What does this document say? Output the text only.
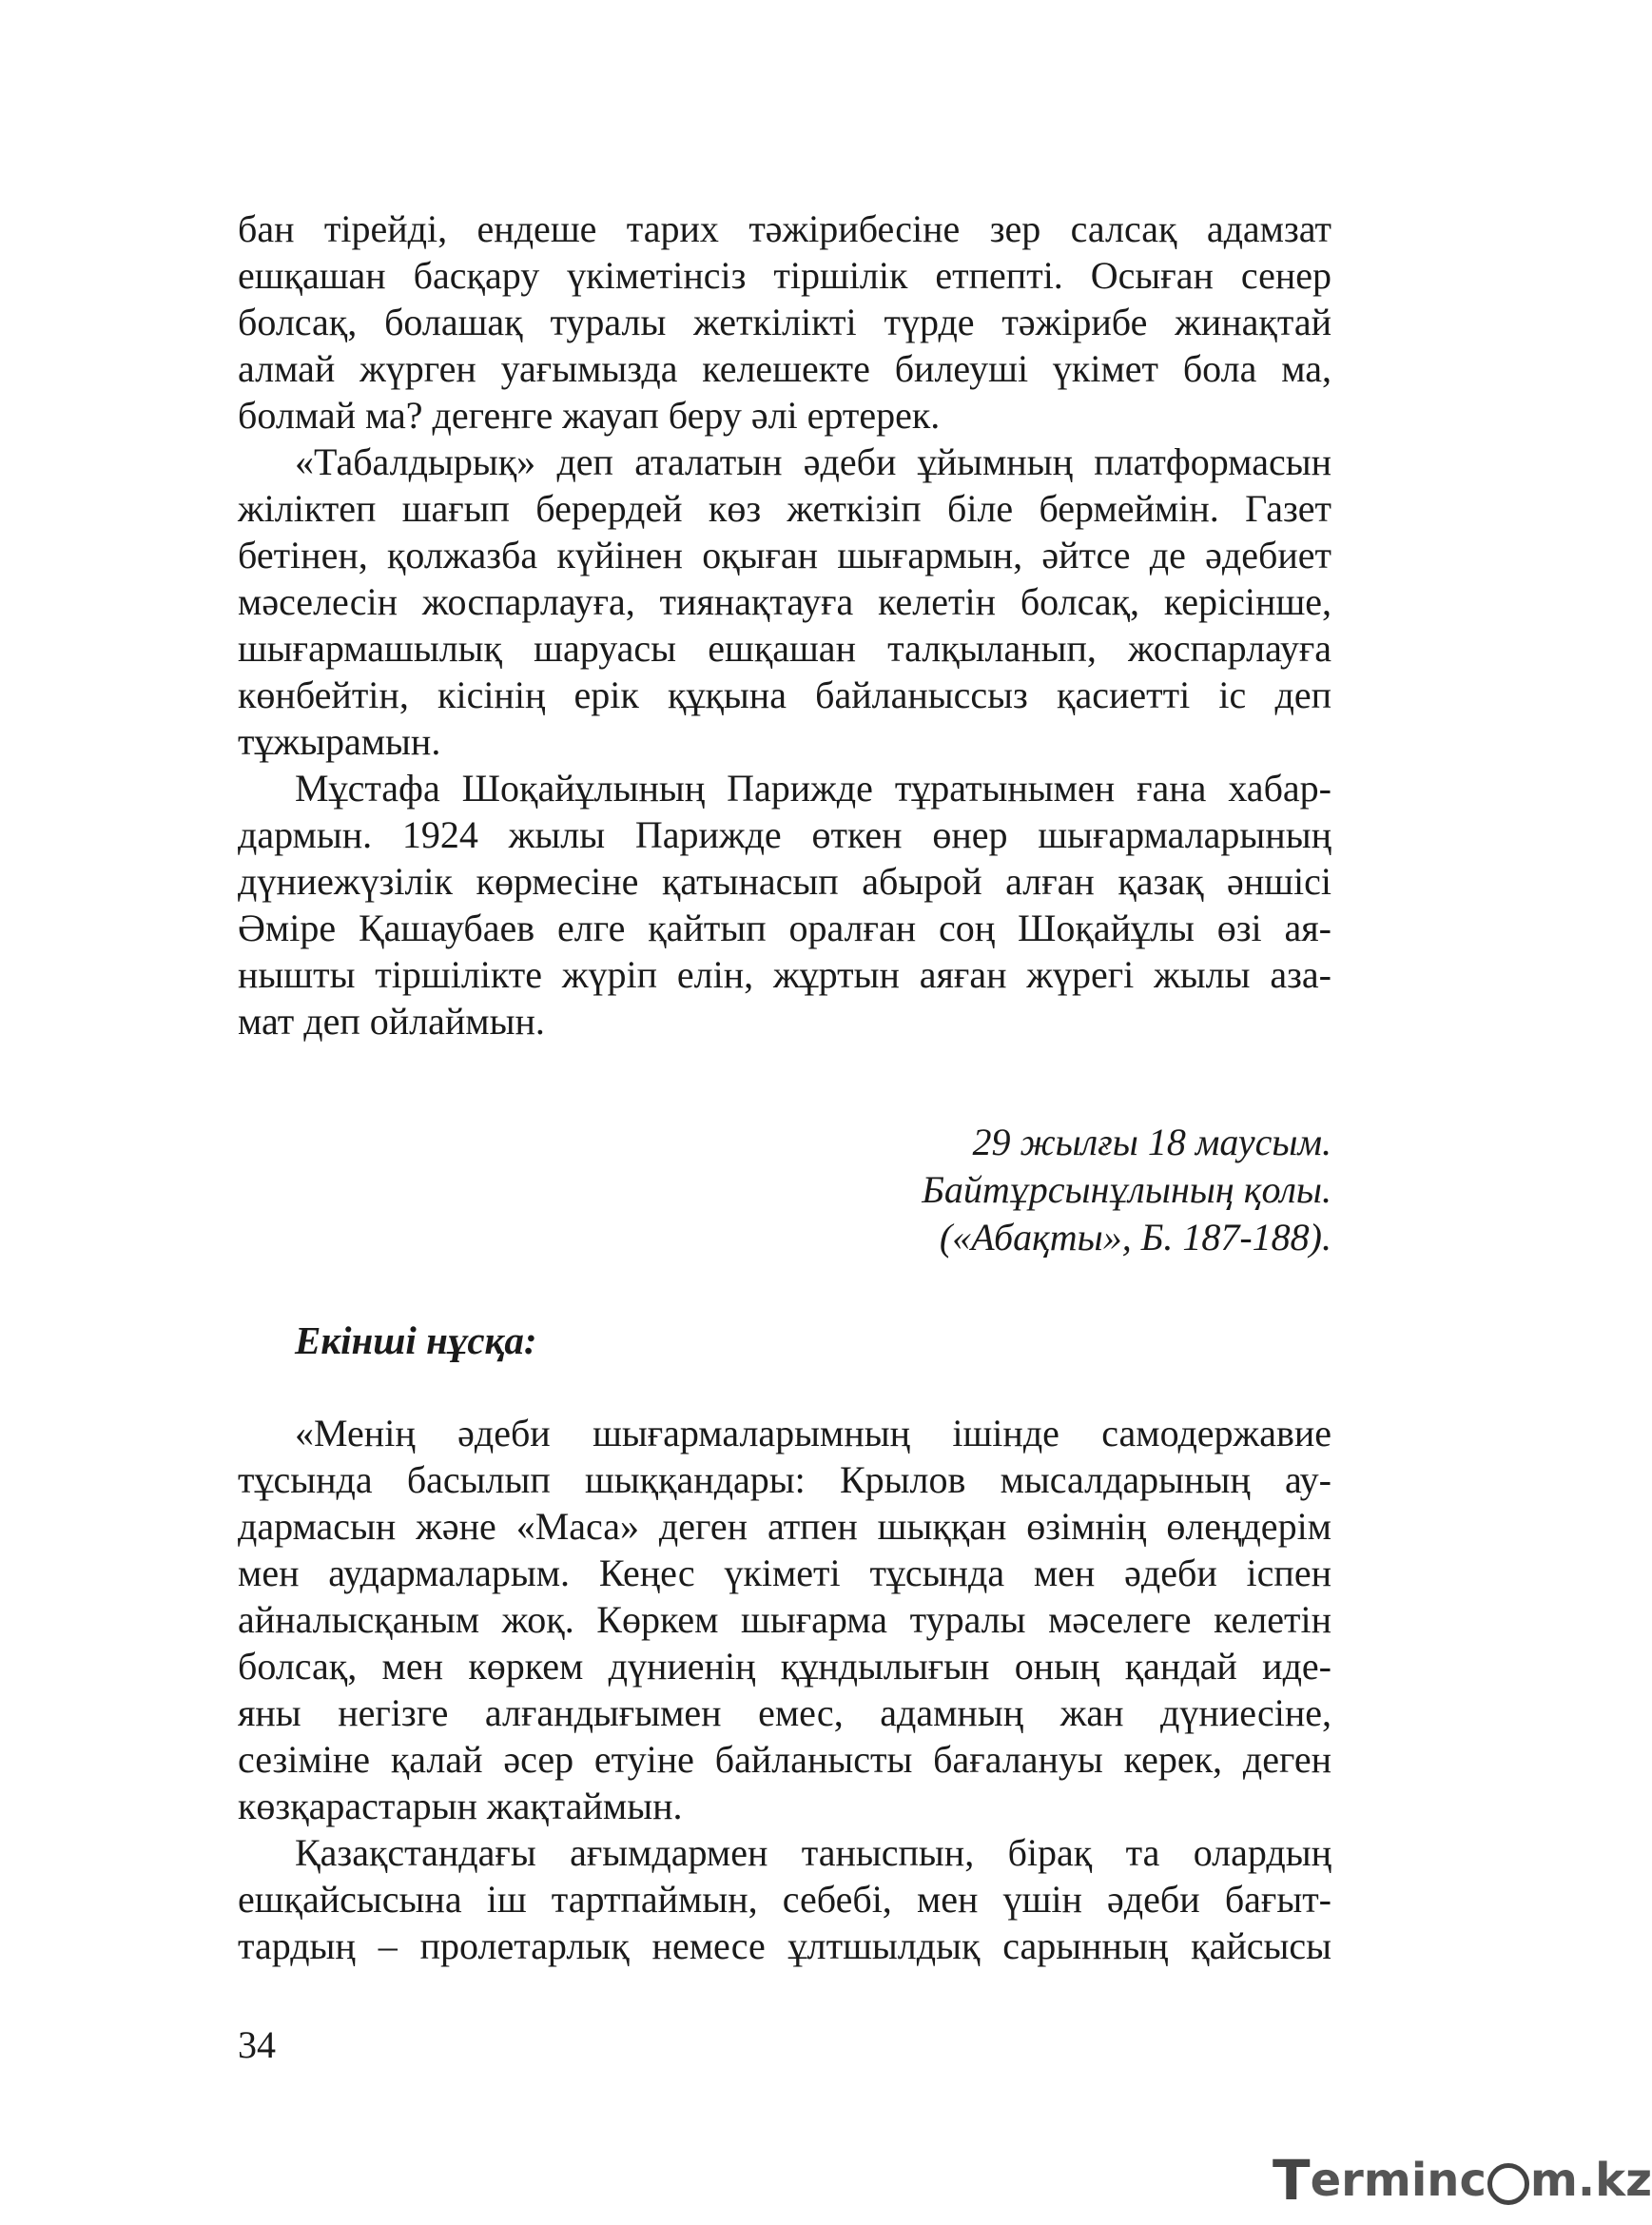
бан тірейді, ендеше тарих тәжірибесіне зер салсақ адамзат
ешқашан басқару үкіметінсіз тіршілік етпепті. Осыған сенер
болсақ, болашақ туралы жеткілікті түрде тәжірибе жинақтай
алмай жүрген уағымызда келешекте билеуші үкімет бола ма,
болмай ма? дегенге жауап беру әлі ертерек.

«Табалдырық» деп аталатын әдеби ұйымның платформасын
жіліктеп шағып берердей көз жеткізіп біле бермеймін. Газет
бетінен, қолжазба күйінен оқыған шығармын, әйтсе де әдебиет
мәселесін жоспарлауға, тиянақтауға келетін болсақ, керісінше,
шығармашылық шаруасы ешқашан талқыланып, жоспарлауға
көнбейтін, кісінің ерік құқына байланыссыз қасиетті іс деп
тұжырамын.

Мұстафа Шоқайұлының Парижде тұратынымен ғана хабар-
дармын. 1924 жылы Парижде өткен өнер шығармаларының
дүниежүзілік көрмесіне қатынасып абырой алған қазақ әншісі
Әміре Қашаубаев елге қайтып оралған соң Шоқайұлы өзі ая-
нышты тіршілікте жүріп елін, жұртын аяған жүрегі жылы аза-
мат деп ойлаймын.

29 жылғы 18 маусым.
Байтұрсынұлының қолы.
(«Абақты», Б. 187-188).
Екінші нұсқа:

«Менің әдеби шығармаларымның ішінде самодержавие
тұсында басылып шыққандары: Крылов мысалдарының ау-
дармасын және «Маса» деген атпен шыққан өзімнің өлеңдерім
мен аудармаларым. Кеңес үкіметі тұсында мен әдеби іспен
айналысқаным жоқ. Көркем шығарма туралы мәселеге келетін
болсақ, мен көркем дүниенің құндылығын оның қандай иде-
яны негізге алғандығымен емес, адамның жан дүниесіне,
сезіміне қалай әсер етуіне байланысты бағалануы керек, деген
көзқарастарын жақтаймын.

Қазақстандағы ағымдармен таныспын, бірақ та олардың
ешқайсысына іш тартпаймын, себебі, мен үшін әдеби бағыт-
тардың – пролетарлық немесе ұлтшылдық сарынның қайсысы

34
T erminc m.kz
